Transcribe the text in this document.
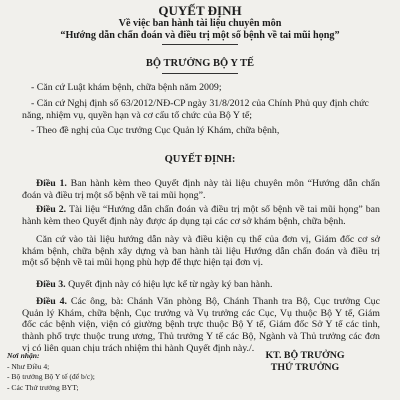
QUYẾT ĐỊNH
Về việc ban hành tài liệu chuyên môn
“Hướng dẫn chẩn đoán và điều trị một số bệnh về tai mũi họng”
BỘ TRƯỞNG BỘ Y TẾ
- Căn cứ Luật khám bệnh, chữa bệnh năm 2009;
- Căn cứ Nghị định số 63/2012/NĐ-CP ngày 31/8/2012 của Chính Phủ quy định chức năng, nhiệm vụ, quyền hạn và cơ cấu tổ chức của Bộ Y tế;
- Theo đề nghị của Cục trưởng Cục Quản lý Khám, chữa bệnh,
QUYẾT ĐỊNH:
Điều 1. Ban hành kèm theo Quyết định này tài liệu chuyên môn “Hướng dẫn chẩn đoán và điều trị một số bệnh về tai mũi họng”.
Điều 2. Tài liệu “Hướng dẫn chẩn đoán và điều trị một số bệnh về tai mũi họng” ban hành kèm theo Quyết định này được áp dụng tại các cơ sở khám bệnh, chữa bệnh.
Căn cứ vào tài liệu hướng dẫn này và điều kiện cụ thể của đơn vị, Giám đốc cơ sở khám bệnh, chữa bệnh xây dựng và ban hành tài liệu Hướng dẫn chẩn đoán và điều trị một số bệnh về tai mũi họng phù hợp để thực hiện tại đơn vị.
Điều 3. Quyết định này có hiệu lực kể từ ngày ký ban hành.
Điều 4. Các ông, bà: Chánh Văn phòng Bộ, Chánh Thanh tra Bộ, Cục trưởng Cục Quản lý Khám, chữa bệnh, Cục trưởng và Vụ trưởng các Cục, Vụ thuộc Bộ Y tế, Giám đốc các bệnh viện, viện có giường bệnh trực thuộc Bộ Y tế, Giám đốc Sở Y tế các tỉnh, thành phố trực thuộc trung ương, Thủ trưởng Y tế các Bộ, Ngành và Thủ trưởng các đơn vị có liên quan chịu trách nhiệm thi hành Quyết định này./.
Nơi nhận:
- Như Điều 4;
- Bộ trưởng Bộ Y tế (để b/c);
- Các Thứ trưởng BYT;
KT. BỘ TRƯỞNG
THỨ TRƯỞNG
